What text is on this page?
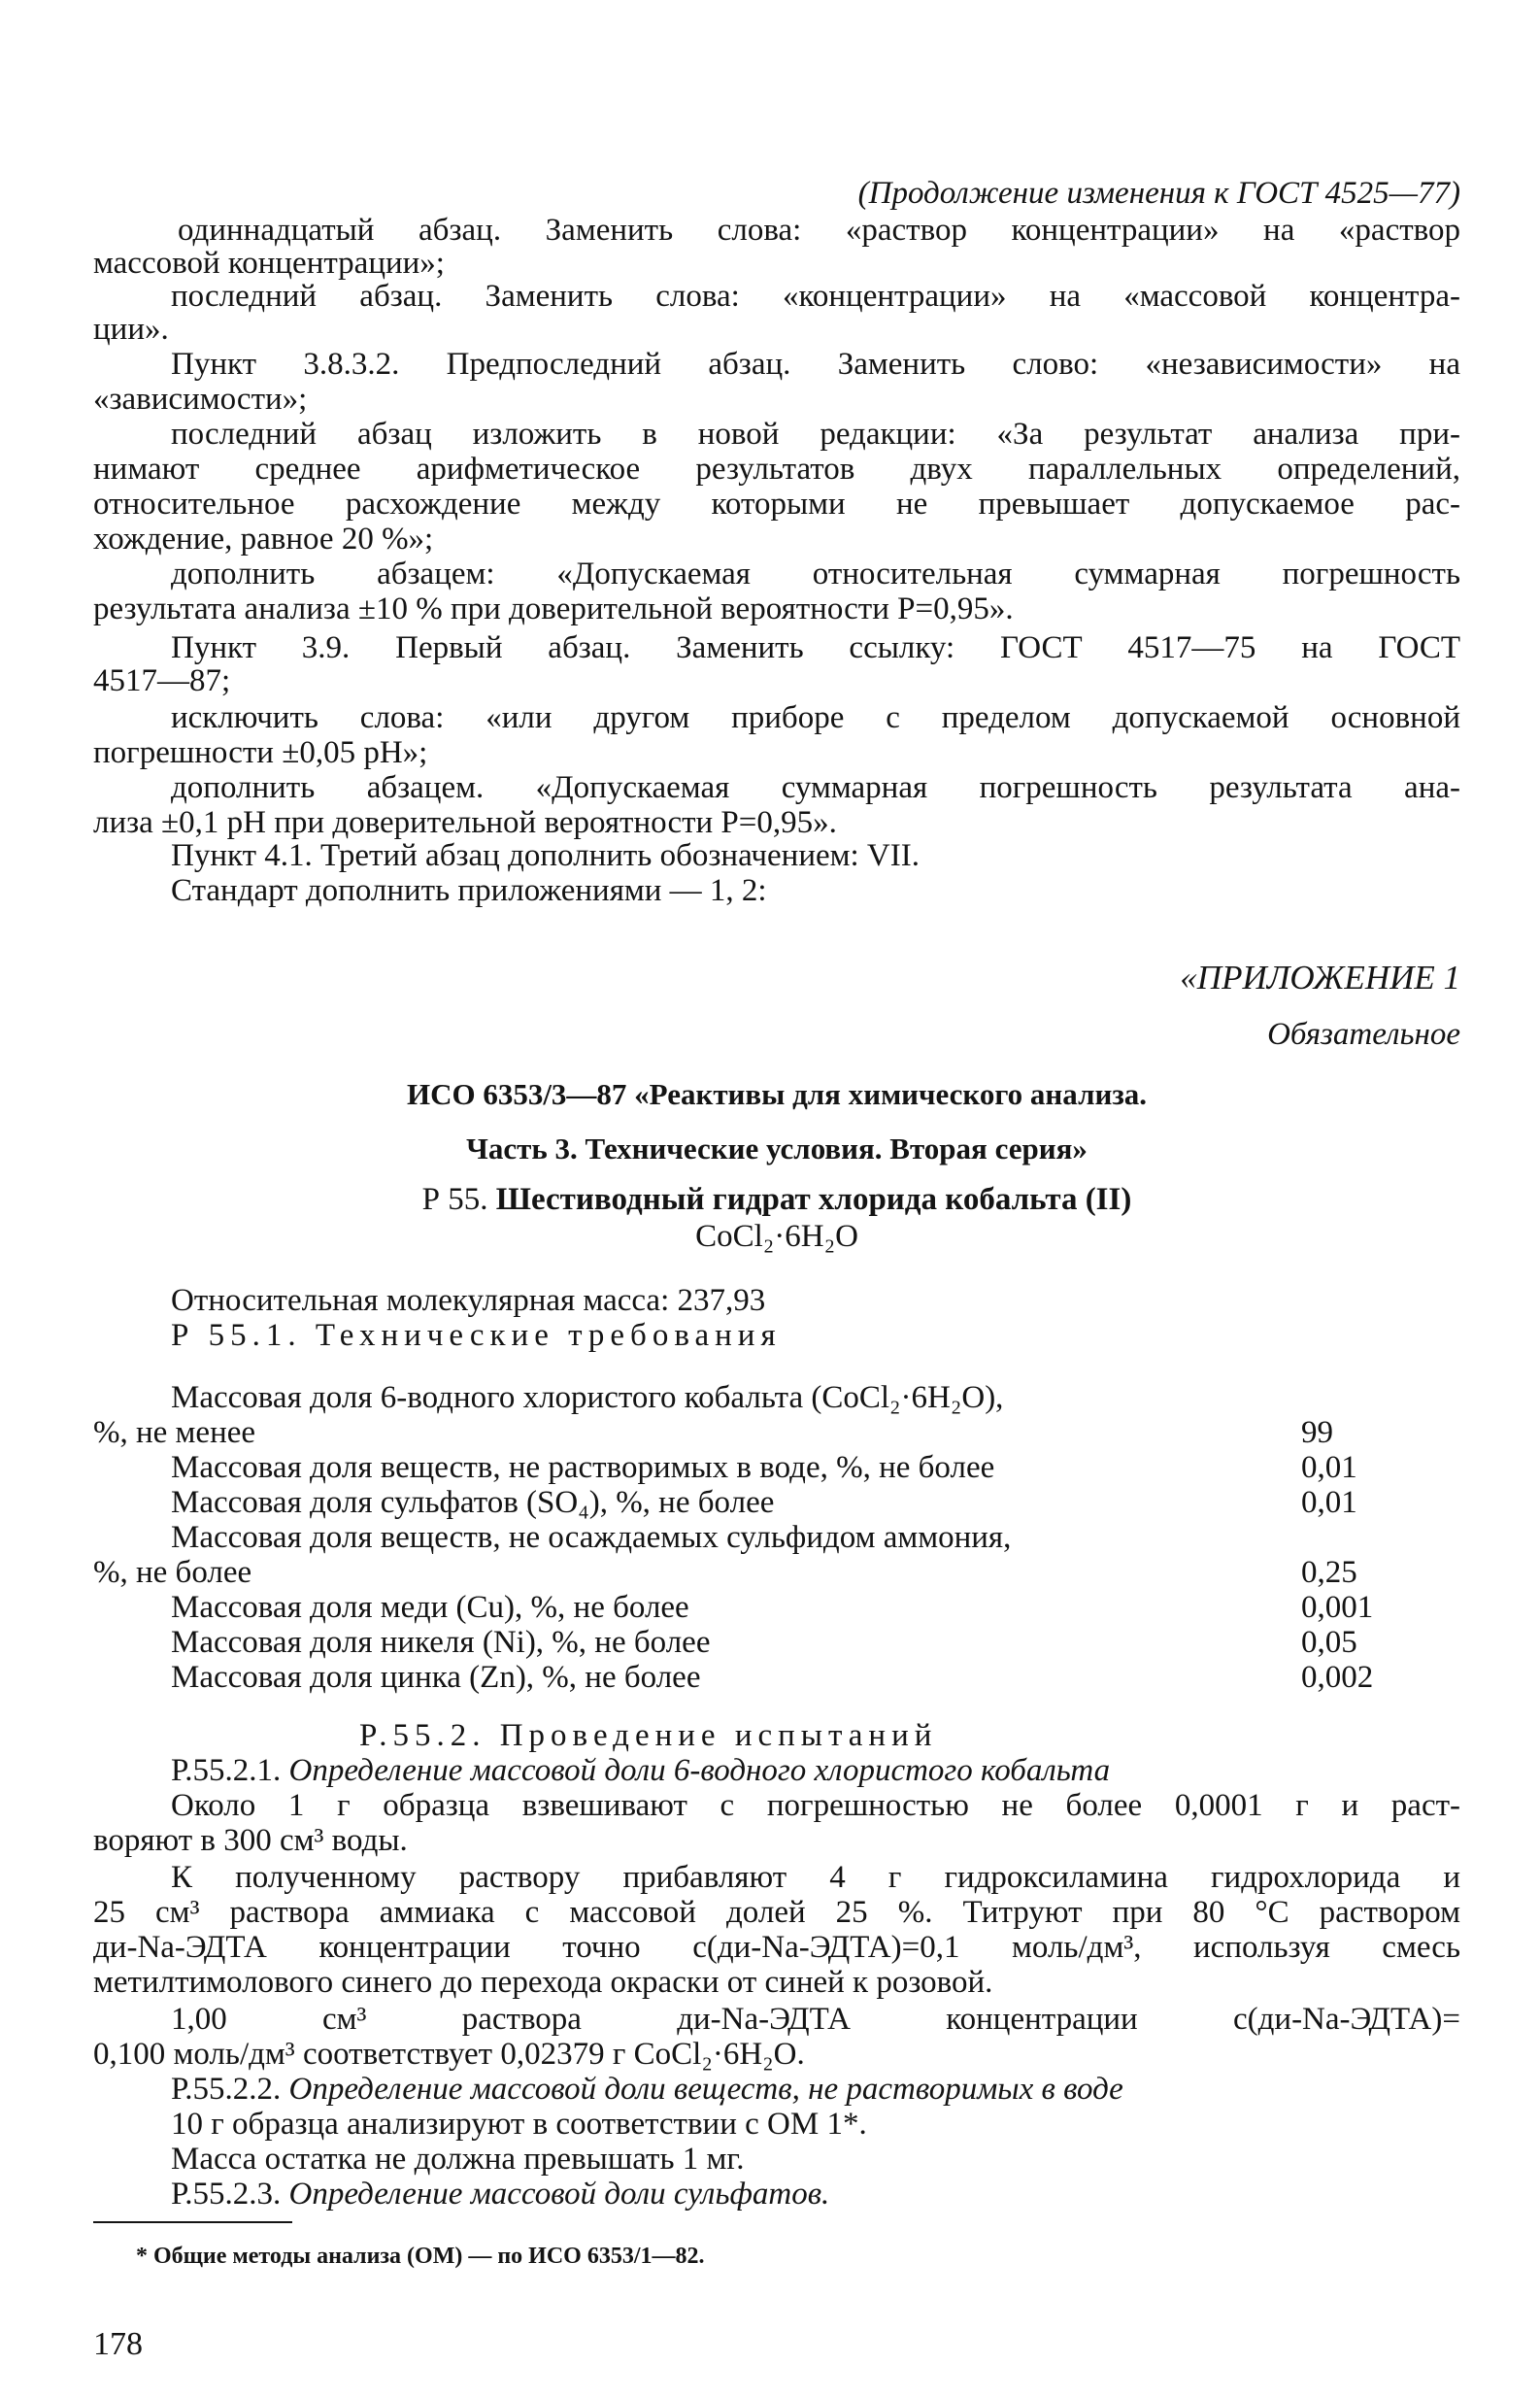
(Продолжение изменения к ГОСТ 4525—77)
одиннадцатый абзац. Заменить слова: «раствор концентрации» на «раствор
массовой концентрации»;
последний абзац. Заменить слова: «концентрации» на «массовой концентра-
ции».
Пункт 3.8.3.2. Предпоследний абзац. Заменить слово: «независимости» на
«зависимости»;
последний абзац изложить в новой редакции: «За результат анализа при-
нимают среднее арифметическое результатов двух параллельных определений,
относительное расхождение между которыми не превышает допускаемое рас-
хождение, равное 20 %»;
дополнить абзацем: «Допускаемая относительная суммарная погрешность
результата анализа ±10 % при доверительной вероятности P=0,95».
Пункт 3.9. Первый абзац. Заменить ссылку: ГОСТ 4517—75 на ГОСТ
4517—87;
исключить слова: «или другом приборе с пределом допускаемой основной
погрешности ±0,05 pH»;
дополнить абзацем. «Допускаемая суммарная погрешность результата ана-
лиза ±0,1 pH при доверительной вероятности P=0,95».
Пункт 4.1. Третий абзац дополнить обозначением: VII.
Стандарт дополнить приложениями — 1, 2:
«ПРИЛОЖЕНИЕ 1
Обязательное
ИСО 6353/3—87 «Реактивы для химического анализа.
Часть 3. Технические условия. Вторая серия»
Р 55. Шестиводный гидрат хлорида кобальта (II)
CoCl₂·6H₂O
Относительная молекулярная масса: 237,93
Р 55.1. Технические требования
Массовая доля 6-водного хлористого кобальта (CoCl₂·6H₂O),
%, не менее	99
Массовая доля веществ, не растворимых в воде, %, не более	0,01
Массовая доля сульфатов (SO₄), %, не более	0,01
Массовая доля веществ, не осаждаемых сульфидом аммония,
%, не более	0,25
Массовая доля меди (Cu), %, не более	0,001
Массовая доля никеля (Ni), %, не более	0,05
Массовая доля цинка (Zn), %, не более	0,002
Р.55.2. Проведение испытаний
Р.55.2.1. Определение массовой доли 6-водного хлористого кобальта
Около 1 г образца взвешивают с погрешностью не более 0,0001 г и раст-
воряют в 300 см³ воды.
К полученному раствору прибавляют 4 г гидроксиламина гидрохлорида и
25 см³ раствора аммиака с массовой долей 25 %. Титруют при 80 °C раствором
ди-Na-ЭДТА концентрации точно c(ди-Na-ЭДТА)=0,1 моль/дм³, используя смесь
метилтимолового синего до перехода окраски от синей к розовой.
1,00 см³ раствора ди-Na-ЭДТА концентрации c(ди-Na-ЭДТА)=
0,100 моль/дм³ соответствует 0,02379 г CoCl₂·6H₂O.
Р.55.2.2. Определение массовой доли веществ, не растворимых в воде
10 г образца анализируют в соответствии с ОМ 1*.
Масса остатка не должна превышать 1 мг.
Р.55.2.3. Определение массовой доли сульфатов.
* Общие методы анализа (ОМ) — по ИСО 6353/1—82.
178
